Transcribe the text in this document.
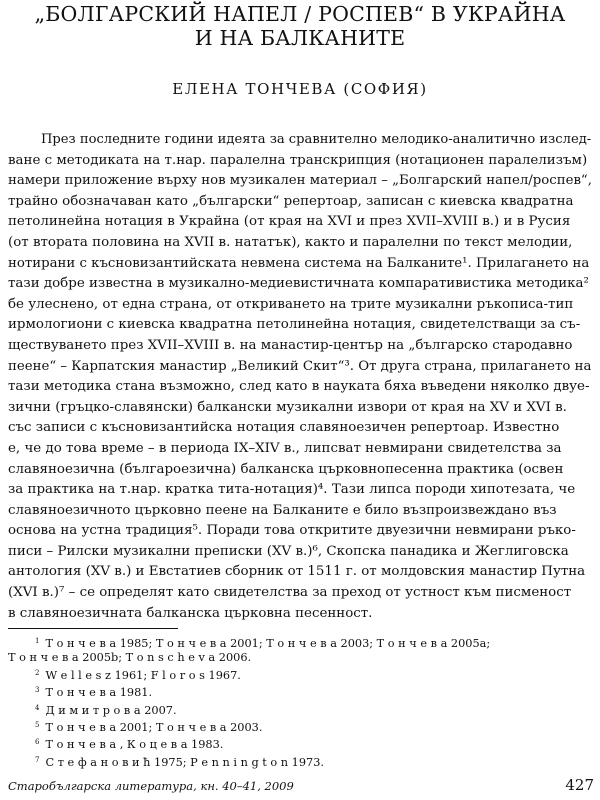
„БОЛГАРСКИЙ НАПЕЛ / РОСПЕВ“ В УКРАЙНА
И НА БАЛКАНИТЕ
ЕЛЕНА ТОНЧЕВА (СОФИЯ)
През последните години идеята за сравнително мелодико-аналитично изслед-
ване с методиката на т.нар. паралелна транскрипция (нотационен паралелизъм)
намери приложение върху нов музикален материал – „Болгарский напел/роспев“,
трайно обозначаван като „български“ репертоар, записан с киевска квадратна
петолинейна нотация в Украйна (от края на XVI и през XVII–XVIII в.) и в Русия
(от втората половина на XVII в. нататък), както и паралелни по текст мелодии,
нотирани с късновизантийската невмена система на Балканите¹. Прилагането на
тази добре известна в музикално-медиевистичната компаративистика методика²
бе улеснено, от една страна, от откриването на трите музикални ръкописа-тип
ирмологиони с киевска квадратна петолинейна нотация, свидетелстващи за съ-
ществуването през XVII–XVIII в. на манастир-център на „българско стародавно
пеене“ – Карпатския манастир „Великий Скит“³. От друга страна, прилагането на
тази методика стана възможно, след като в науката бяха въведени няколко двуе-
зични (гръцко-славянски) балкански музикални извори от края на XV и XVI в.
със записи с късновизантийска нотация славяноезичен репертоар. Известно
е, че до това време – в периода IX–XIV в., липсват невмирани свидетелства за
славяноезична (българоезична) балканска църковнопесенна практика (освен
за практика на т.нар. кратка тита-нотация)⁴. Тази липса породи хипотезата, че
славяноезичното църковно пеене на Балканите е било възпроизвеждано въз
основа на устна традиция⁵. Поради това откритите двуезични невмирани ръко-
писи – Рилски музикални преписки (XV в.)⁶, Скопска панадика и Жеглиговска
антология (XV в.) и Евстатиев сборник от 1511 г. от молдовския манастир Путна
(XVI в.)⁷ – се определят като свидетелства за преход от устност към писменост
в славяноезичната балканска църковна песенност.
$^1$ Т о н ч е в а 1985; Т о н ч е в а 2001; Т о н ч е в а 2003; Т о н ч е в а 2005a;
Т о н ч е в а 2005b; T o n s c h e v a 2006.
$^2$ W e l l e s z 1961; F l o r o s 1967.
$^3$ Т о н ч е в а 1981.
$^4$ Д и м и т р о в а 2007.
$^5$ Т о н ч е в а 2001; Т о н ч е в а 2003.
$^6$ Т о н ч е в а , К о ц е в а 1983.
$^7$ С т е ф а н о в и ħ 1975; P e n n i n g t o n 1973.
Старобългарска литература, кн. 40–41, 2009	427
